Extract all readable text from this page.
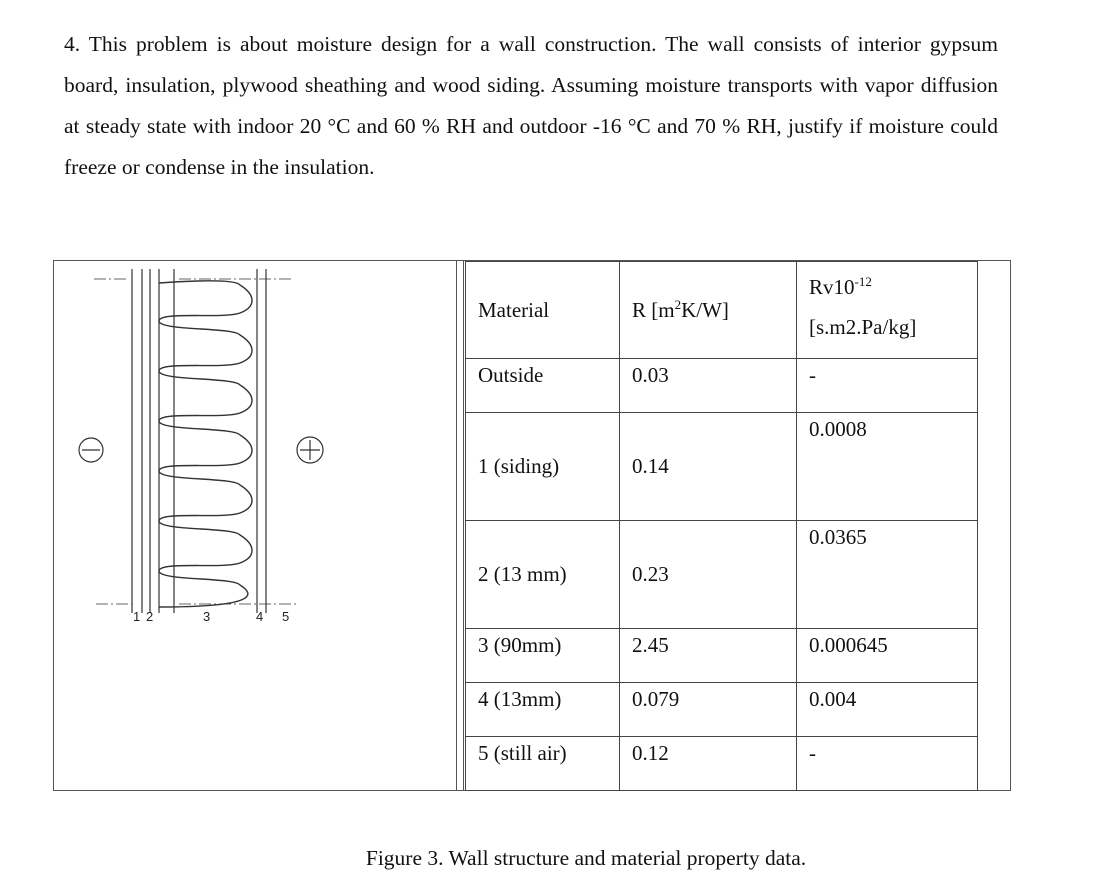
4. This problem is about moisture design for a wall construction. The wall consists of interior gypsum board, insulation, plywood sheathing and wood siding. Assuming moisture transports with vapor diffusion at steady state with indoor 20 °C and 60 % RH and outdoor -16 °C and 70 % RH, justify if moisture could freeze or condense in the insulation.

1 2	3	4 5
Material	R $[m^2K/W]$	$Rv10^{-12}$
[s.m2.Pa/kg]
Outside	0.03	-
1 (siding)	0.14	0.0008
2 (13 mm)	0.23	0.0365
3 (90mm)	2.45	0.000645
4 (13mm)	0.079	0.004
5 (still air)	0.12	-
Figure 3. Wall structure and material property data.
